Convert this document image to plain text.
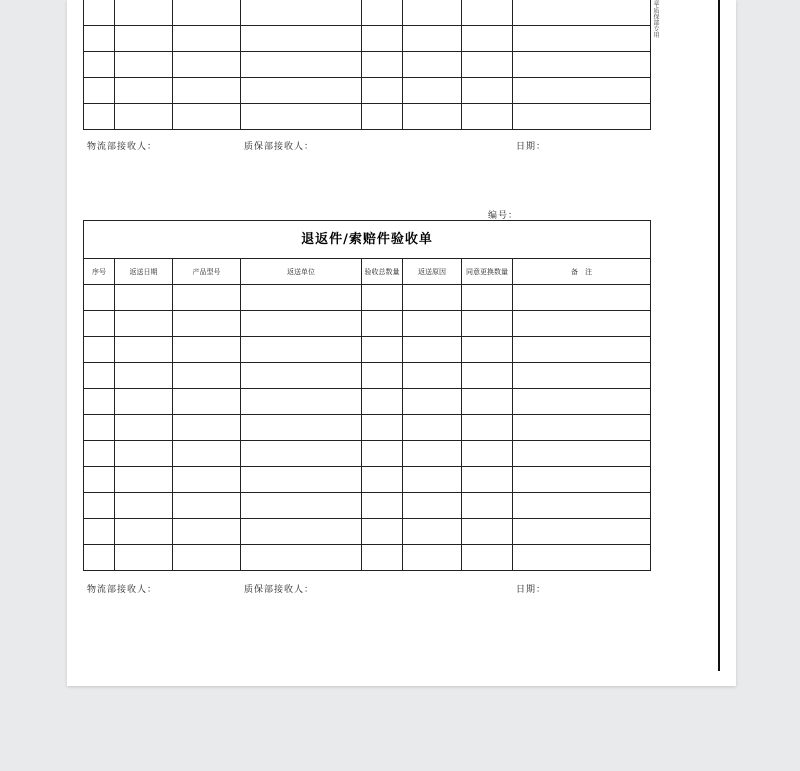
章·质保部专用

物流部接收人：	质保部接收人：	日期：
编号：
退返件/索赔件验收单							
序号	返送日期	产品型号	返送单位	验收总数量	返送原因	同意更换数量	备　注

物流部接收人：	质保部接收人：	日期：
